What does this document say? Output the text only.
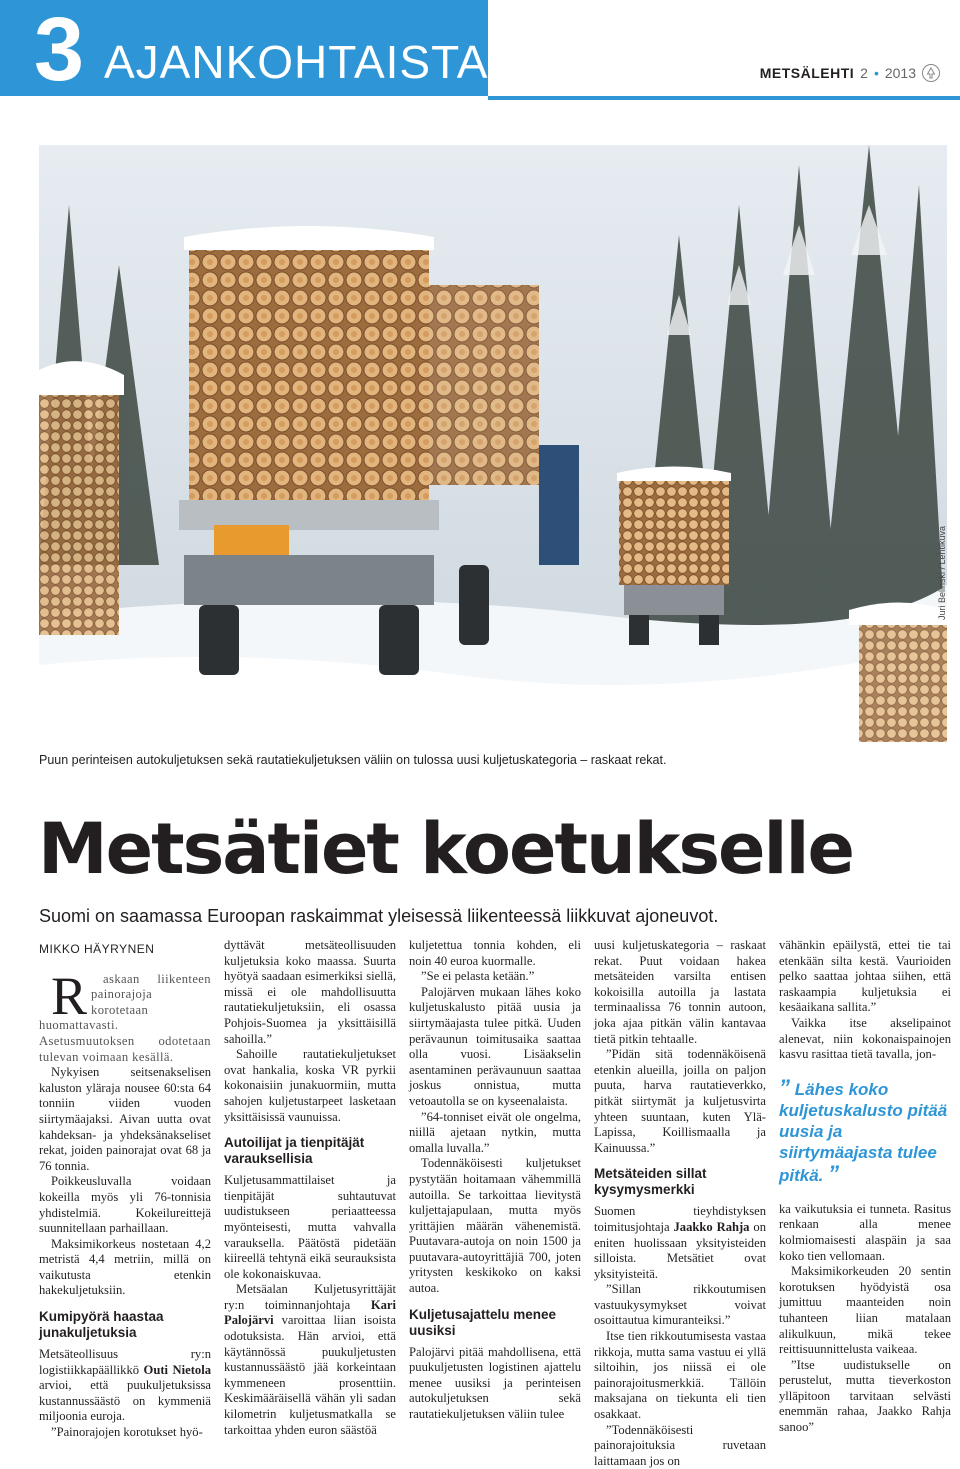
3 AJANKOHTAISTA	METSÄLEHTI 2 • 2013
Juri Belinski / Lehtikuva
Puun perinteisen autokuljetuksen sekä rautatiekuljetuksen väliin on tulossa uusi kuljetuskategoria – raskaat rekat.
Metsätiet koetukselle
Suomi on saamassa Euroopan raskaimmat yleisessä liikenteessä liikkuvat ajoneuvot.
MIKKO HÄYRYNEN

R askaan liikenteen painorajoja korotetaan huomattavasti. Asetusmuutoksen odotetaan tulevan voimaan kesällä.

Nykyisen seitsenakselisen kaluston yläraja nousee 60:sta 64 tonniin viiden vuoden siirtymäajaksi. Aivan uutta ovat kahdeksan- ja yhdeksänakseliset rekat, joiden painorajat ovat 68 ja 76 tonnia.

Poikkeusluvalla voidaan kokeilla myös yli 76-tonnisia yhdistelmiä. Kokeilureittejä suunnitellaan parhaillaan.

Maksimikorkeus nostetaan 4,2 metristä 4,4 metriin, millä on vaikutusta etenkin hakekuljetuksiin.

Kumipyörä haastaa junakuljetuksia

Metsäteollisuus ry:n logistiikkapäällikkö Outi Nietola arvioi, että puukuljetuksissa kustannussäästö on kymmeniä miljoonia euroja.

”Painorajojen korotukset hyö-

dyttävät metsäteollisuuden kuljetuksia koko maassa. Suurta hyötyä saadaan esimerkiksi siellä, missä ei ole mahdollisuutta rautatiekuljetuksiin, eli osassa Pohjois-Suomea ja yksittäisillä sahoilla.”

Sahoille rautatiekuljetukset ovat hankalia, koska VR pyrkii kokonaisiin junakuormiin, mutta sahojen kuljetustarpeet lasketaan yksittäisissä vaunuissa.

Autoilijat ja tienpitäjät varauksellisia

Kuljetusammattilaiset ja tienpitäjät suhtautuvat uudistukseen periaatteessa myönteisesti, mutta vahvalla varauksella. Päätöstä pidetään kiireellä tehtynä eikä seurauksista ole kokonaiskuvaa.

Metsäalan Kuljetusyrittäjät ry:n toiminnanjohtaja Kari Palojärvi varoittaa liian isoista odotuksista. Hän arvioi, että käytännössä puukuljetusten kustannussäästö jää korkeintaan kymmeneen prosenttiin. Keskimääräisellä vähän yli sadan kilometrin kuljetusmatkalla se tarkoittaa yhden euron säästöä

kuljetettua tonnia kohden, eli noin 40 euroa kuormalle.

”Se ei pelasta ketään.”

Palojärven mukaan lähes koko kuljetuskalusto pitää uusia ja siirtymäajasta tulee pitkä. Uuden perävaunun toimitusaika saattaa olla vuosi. Lisäakselin asentaminen perävaunuun saattaa joskus onnistua, mutta vetoautolla se on kyseenalaista.

”64-tonniset eivät ole ongelma, niillä ajetaan nytkin, mutta omalla luvalla.”

Todennäköisesti kuljetukset pystytään hoitamaan vähemmillä autoilla. Se tarkoittaa lievitystä kuljettajapulaan, mutta myös yrittäjien määrän vähenemistä. Puutavara-autoja on noin 1500 ja puutavara-autoyrittäjiä 700, joten yritysten keskikoko on kaksi autoa.

Kuljetusajattelu menee uusiksi

Palojärvi pitää mahdollisena, että puukuljetusten logistinen ajattelu menee uusiksi ja perinteisen autokuljetuksen sekä rautatiekuljetuksen väliin tulee

uusi kuljetuskategoria – raskaat rekat. Puut voidaan hakea metsäteiden varsilta entisen kokoisilla autoilla ja lastata terminaalissa 76 tonnin autoon, joka ajaa pitkän välin kantavaa tietä pitkin tehtaalle.

”Pidän sitä todennäköisenä etenkin alueilla, joilla on paljon puuta, harva rautatieverkko, pitkät siirtymät ja kuljetusvirta yhteen suuntaan, kuten Ylä-Lapissa, Koillismaalla ja Kainuussa.”

Metsäteiden sillat kysymysmerkki

Suomen tieyhdistyksen toimitusjohtaja Jaakko Rahja on eniten huolissaan yksityisteiden silloista. Metsätiet ovat yksityisteitä.

”Sillan rikkoutumisen vastuukysymykset voivat osoittautua kimuranteiksi.”

Itse tien rikkoutumisesta vastaa rikkoja, mutta sama vastuu ei yllä siltoihin, jos niissä ei ole painorajoitusmerkkiä. Tällöin maksajana on tiekunta eli tien osakkaat.

”Todennäköisesti painorajoituksia ruvetaan laittamaan jos on

vähänkin epäilystä, ettei tie tai etenkään silta kestä. Vaurioiden pelko saattaa johtaa siihen, että raskaampia kuljetuksia ei kesäaikana sallita.”

Vaikka itse akselipainot alenevat, niin kokonaispainojen kasvu rasittaa tietä tavalla, jon-

” Lähes koko kuljetuskalusto pitää uusia ja siirtymäajasta tulee pitkä. ”

ka vaikutuksia ei tunneta. Rasitus renkaan alla menee kolmiomaisesti alaspäin ja saa koko tien vellomaan.

Maksimikorkeuden 20 sentin korotuksen hyödyistä osa jumittuu maanteiden noin tuhanteen liian matalaan alikulkuun, mikä tekee reittisuunnittelusta vaikeaa.

”Itse uudistukselle on perustelut, mutta tieverkoston ylläpitoon tarvitaan selvästi enemmän rahaa, Jaakko Rahja sanoo”
